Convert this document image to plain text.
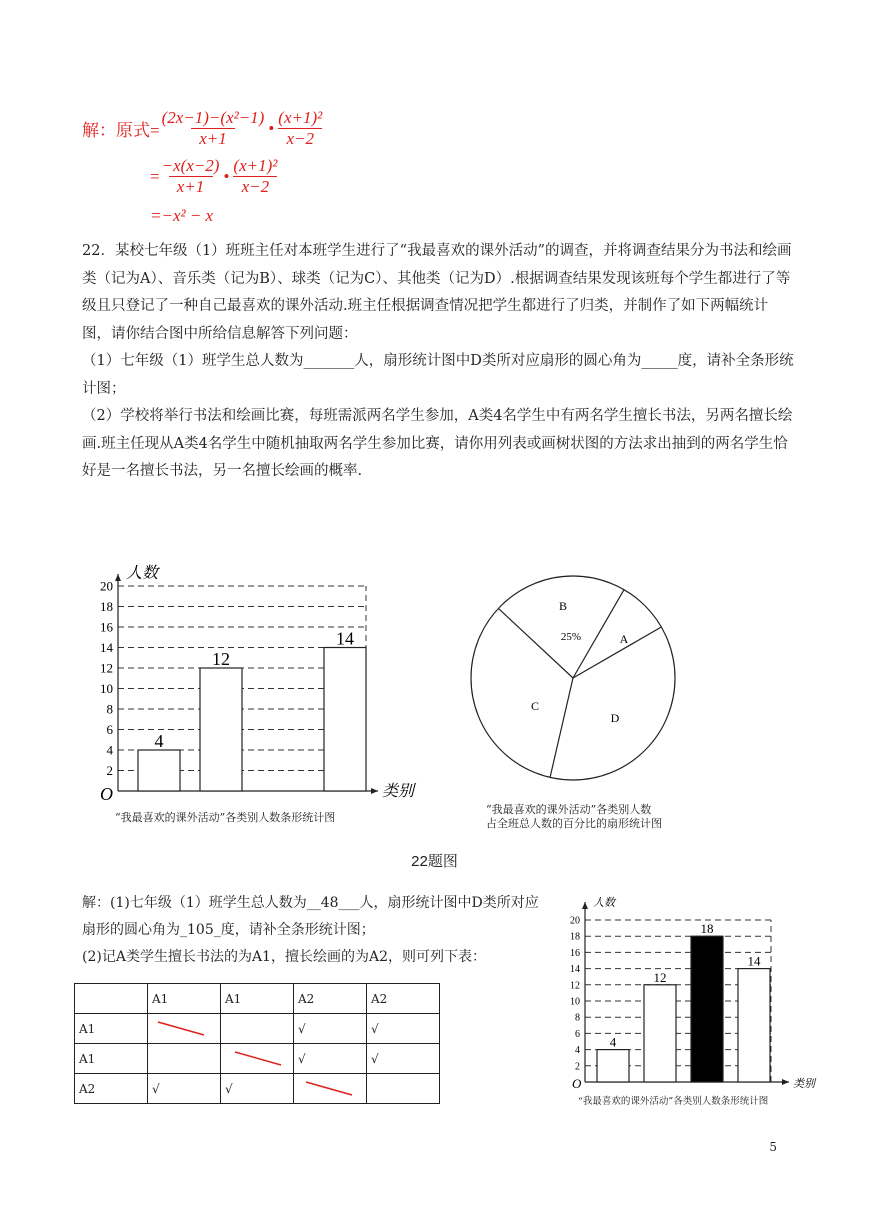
解：原式= $\frac{\text{(2x−1)−(x²−1)}}{x+1}$ • $\frac{\text{(x+1)²}}{x-2}$
= $\frac{-x(x-2)}{x+1}$ • $\frac{\text{(x+1)²}}{x-2}$
=−x² − x

22．某校七年级（1）班班主任对本班学生进行了“我最喜欢的课外活动”的调查，并将调查结果分为书法和绘画类（记为A）、音乐类（记为B）、球类（记为C）、其他类（记为D）.根据调查结果发现该班每个学生都进行了等级且只登记了一种自己最喜欢的课外活动.班主任根据调查情况把学生都进行了归类，并制作了如下两幅统计图，请你结合图中所给信息解答下列问题：

（1）七年级（1）班学生总人数为_______人，扇形统计图中D类所对应扇形的圆心角为_____度，请补全条形统计图；

（2）学校将举行书法和绘画比赛，每班需派两名学生参加，A类4名学生中有两名学生擅长书法，另两名擅长绘画.班主任现从A类4名学生中随机抽取两名学生参加比赛，请你用列表或画树状图的方法求出抽到的两名学生恰好是一名擅长书法，另一名擅长绘画的概率.

2
4
6
8
10
12
14
16
18
20
类别
人数
O
4
12
14
“我最喜欢的课外活动”各类别人数条形统计图
A
B
25%
C
D
“我最喜欢的课外活动”各类别人数
占全班总人数的百分比的扇形统计图
22题图

解：(1)七年级（1）班学生总人数为__48___人，扇形统计图中D类所对应扇形的圆心角为_105_度，请补全条形统计图；

(2)记A类学生擅长书法的为A1，擅长绘画的为A2，则可列下表：

	A1	A1	A2	A2
A1			√	√
A1			√	√
A2	√	√	

2
4
6
8
10
12
14
16
18
20
类别
人数
O
4
12
18
14
“我最喜欢的课外活动”各类别人数条形统计图
5
